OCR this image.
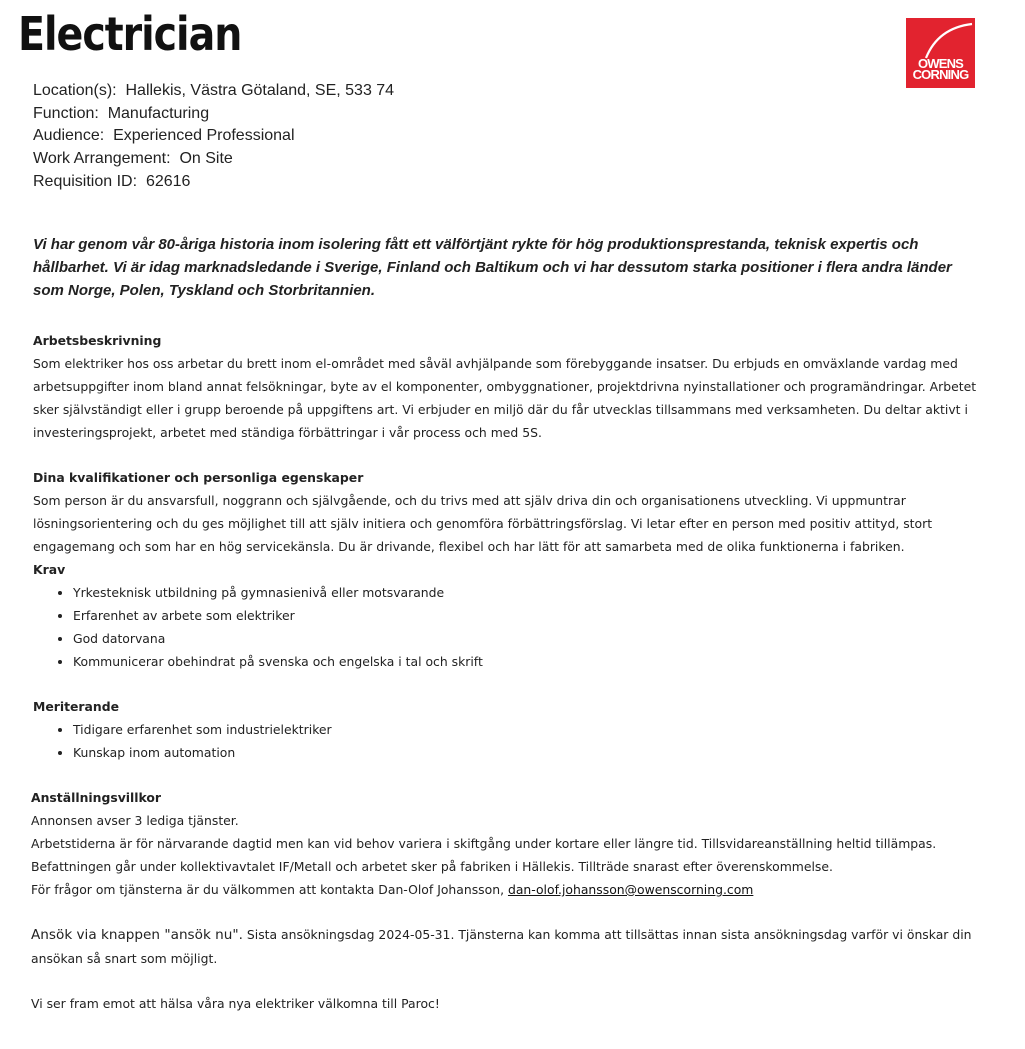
Electrician
OWENS
CORNING
Location(s): Hallekis, Västra Götaland, SE, 533 74
Function: Manufacturing
Audience: Experienced Professional
Work Arrangement: On Site
Requisition ID: 62616

Vi har genom vår 80-åriga historia inom isolering fått ett välförtjänt rykte för hög produktionsprestanda, teknisk expertis och hållbarhet. Vi är idag marknadsledande i Sverige, Finland och Baltikum och vi har dessutom starka positioner i flera andra länder som Norge, Polen, Tyskland och Storbritannien.

Arbetsbeskrivning

Som elektriker hos oss arbetar du brett inom el-området med såväl avhjälpande som förebyggande insatser. Du erbjuds en omväxlande vardag med arbetsuppgifter inom bland annat felsökningar, byte av el komponenter, ombyggnationer, projektdrivna nyinstallationer och programändringar. Arbetet sker självständigt eller i grupp beroende på uppgiftens art. Vi erbjuder en miljö där du får utvecklas tillsammans med verksamheten. Du deltar aktivt i investeringsprojekt, arbetet med ständiga förbättringar i vår process och med 5S.

Dina kvalifikationer och personliga egenskaper

Som person är du ansvarsfull, noggrann och självgående, och du trivs med att själv driva din och organisationens utveckling. Vi uppmuntrar lösningsorientering och du ges möjlighet till att själv initiera och genomföra förbättringsförslag. Vi letar efter en person med positiv attityd, stort engagemang och som har en hög servicekänsla. Du är drivande, flexibel och har lätt för att samarbeta med de olika funktionerna i fabriken.

Krav
• Yrkesteknisk utbildning på gymnasienivå eller motsvarande
• Erfarenhet av arbete som elektriker
• God datorvana
• Kommunicerar obehindrat på svenska och engelska i tal och skrift
Meriterande
• Tidigare erfarenhet som industrielektriker
• Kunskap inom automation
Anställningsvillkor

Annonsen avser 3 lediga tjänster.

Arbetstiderna är för närvarande dagtid men kan vid behov variera i skiftgång under kortare eller längre tid. Tillsvidareanställning heltid tillämpas. Befattningen går under kollektivavtalet IF/Metall och arbetet sker på fabriken i Hällekis. Tillträde snarast efter överenskommelse.

För frågor om tjänsterna är du välkommen att kontakta Dan-Olof Johansson, dan-olof.johansson@owenscorning.com

Ansök via knappen "ansök nu". Sista ansökningsdag 2024-05-31. Tjänsterna kan komma att tillsättas innan sista ansökningsdag varför vi önskar din ansökan så snart som möjligt.

Vi ser fram emot att hälsa våra nya elektriker välkomna till Paroc!
